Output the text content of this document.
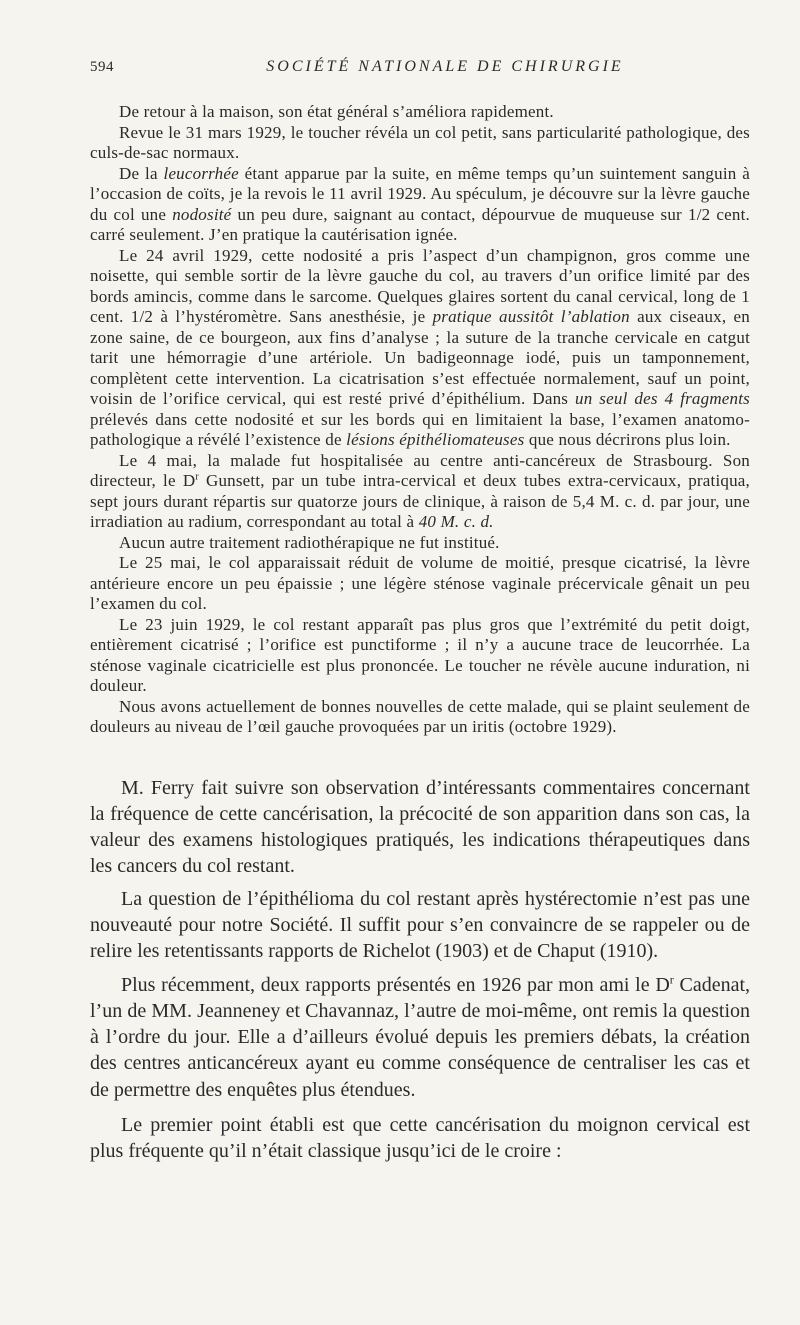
594	SOCIÉTÉ NATIONALE DE CHIRURGIE

De retour à la maison, son état général s’améliora rapidement.

Revue le 31 mars 1929, le toucher révéla un col petit, sans particularité pathologique, des culs-de-sac normaux.

De la leucorrhée étant apparue par la suite, en même temps qu’un suintement sanguin à l’occasion de coïts, je la revois le 11 avril 1929. Au spéculum, je découvre sur la lèvre gauche du col une nodosité un peu dure, saignant au contact, dépourvue de muqueuse sur 1/2 cent. carré seulement. J’en pratique la cautérisation ignée.

Le 24 avril 1929, cette nodosité a pris l’aspect d’un champignon, gros comme une noisette, qui semble sortir de la lèvre gauche du col, au travers d’un orifice limité par des bords amincis, comme dans le sarcome. Quelques glaires sortent du canal cervical, long de 1 cent. 1/2 à l’hystéromètre. Sans anesthésie, je pratique aussitôt l’ablation aux ciseaux, en zone saine, de ce bourgeon, aux fins d’analyse ; la suture de la tranche cervicale en catgut tarit une hémorragie d’une artériole. Un badigeonnage iodé, puis un tamponnement, complètent cette intervention. La cicatrisation s’est effectuée normalement, sauf un point, voisin de l’orifice cervical, qui est resté privé d’épithélium. Dans un seul des 4 fragments prélevés dans cette nodosité et sur les bords qui en limitaient la base, l’examen anatomo-pathologique a révélé l’existence de lésions épithéliomateuses que nous décrirons plus loin.

Le 4 mai, la malade fut hospitalisée au centre anti-cancéreux de Strasbourg. Son directeur, le $D^r$ Gunsett, par un tube intra-cervical et deux tubes extra-cervicaux, pratiqua, sept jours durant répartis sur quatorze jours de clinique, à raison de 5,4 M. c. d. par jour, une irradiation au radium, correspondant au total à 40 M. c. d.

Aucun autre traitement radiothérapique ne fut institué.

Le 25 mai, le col apparaissait réduit de volume de moitié, presque cicatrisé, la lèvre antérieure encore un peu épaissie ; une légère sténose vaginale précervicale gênait un peu l’examen du col.

Le 23 juin 1929, le col restant apparaît pas plus gros que l’extrémité du petit doigt, entièrement cicatrisé ; l’orifice est punctiforme ; il n’y a aucune trace de leucorrhée. La sténose vaginale cicatricielle est plus prononcée. Le toucher ne révèle aucune induration, ni douleur.

Nous avons actuellement de bonnes nouvelles de cette malade, qui se plaint seulement de douleurs au niveau de l’œil gauche provoquées par un iritis (octobre 1929).

M. Ferry fait suivre son observation d’intéressants commentaires concernant la fréquence de cette cancérisation, la précocité de son apparition dans son cas, la valeur des examens histologiques pratiqués, les indications thérapeutiques dans les cancers du col restant.

La question de l’épithélioma du col restant après hystérectomie n’est pas une nouveauté pour notre Société. Il suffit pour s’en convaincre de se rappeler ou de relire les retentissants rapports de Richelot (1903) et de Chaput (1910).

Plus récemment, deux rapports présentés en 1926 par mon ami le $D^r$ Cadenat, l’un de MM. Jeanneney et Chavannaz, l’autre de moi-même, ont remis la question à l’ordre du jour. Elle a d’ailleurs évolué depuis les premiers débats, la création des centres anticancéreux ayant eu comme conséquence de centraliser les cas et de permettre des enquêtes plus étendues.

Le premier point établi est que cette cancérisation du moignon cervical est plus fréquente qu’il n’était classique jusqu’ici de le croire :
